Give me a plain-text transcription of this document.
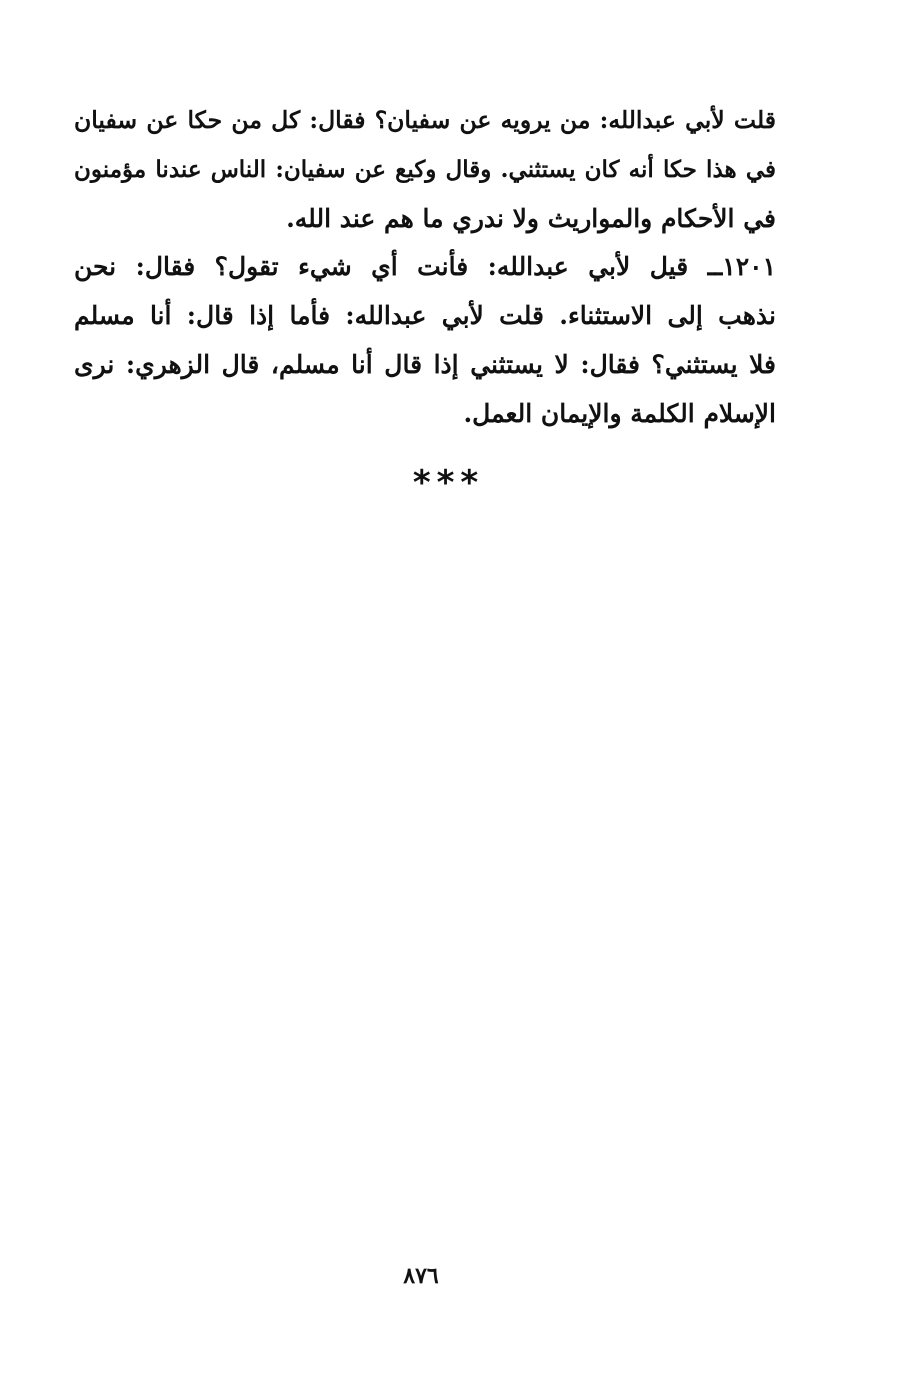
قلت لأبي عبدالله: من يرويه عن سفيان؟ فقال: كل من حكا عن سفيان
في هذا حكا أنه كان يستثني. وقال وكيع عن سفيان: الناس عندنا مؤمنون
في الأحكام والمواريث ولا ندري ما هم عند الله.
١٢٠١ــ قيل لأبي عبدالله: فأنت أي شيء تقول؟ فقال: نحن
نذهب إلى الاستثناء. قلت لأبي عبدالله: فأما إذا قال: أنا مسلم
فلا يستثني؟ فقال: لا يستثني إذا قال أنا مسلم، قال الزهري: نرى
الإسلام الكلمة والإيمان العمل.
***
٨٧٦
